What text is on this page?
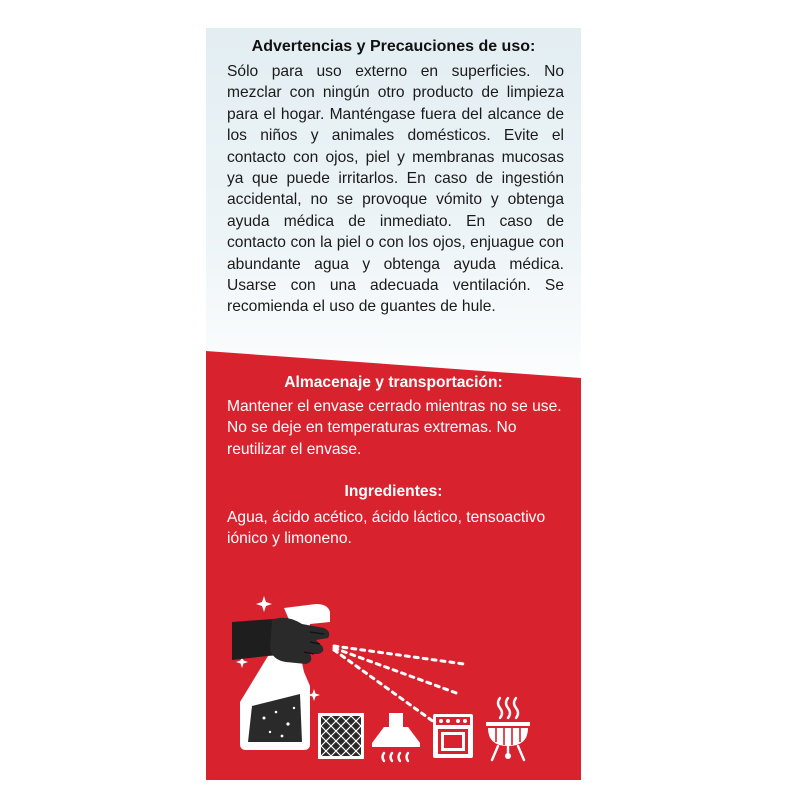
Advertencias y Precauciones de uso:
Sólo para uso externo en superficies. No mezclar con ningún otro producto de limpieza para el hogar. Manténgase fuera del alcance de los niños y animales domésticos. Evite el contacto con ojos, piel y membranas mucosas ya que puede irritarlos. En caso de ingestión accidental, no se provoque vómito y obtenga ayuda médica de inmediato. En caso de contacto con la piel o con los ojos, enjuague con abundante agua y obtenga ayuda médica. Usarse con una adecuada ventilación. Se recomienda el uso de guantes de hule.
Almacenaje y transportación:
Mantener el envase cerrado mientras no se use. No se deje en temperaturas extremas. No reutilizar el envase.
Ingredientes:
Agua, ácido acético, ácido láctico, tensoactivo iónico y limoneno.
